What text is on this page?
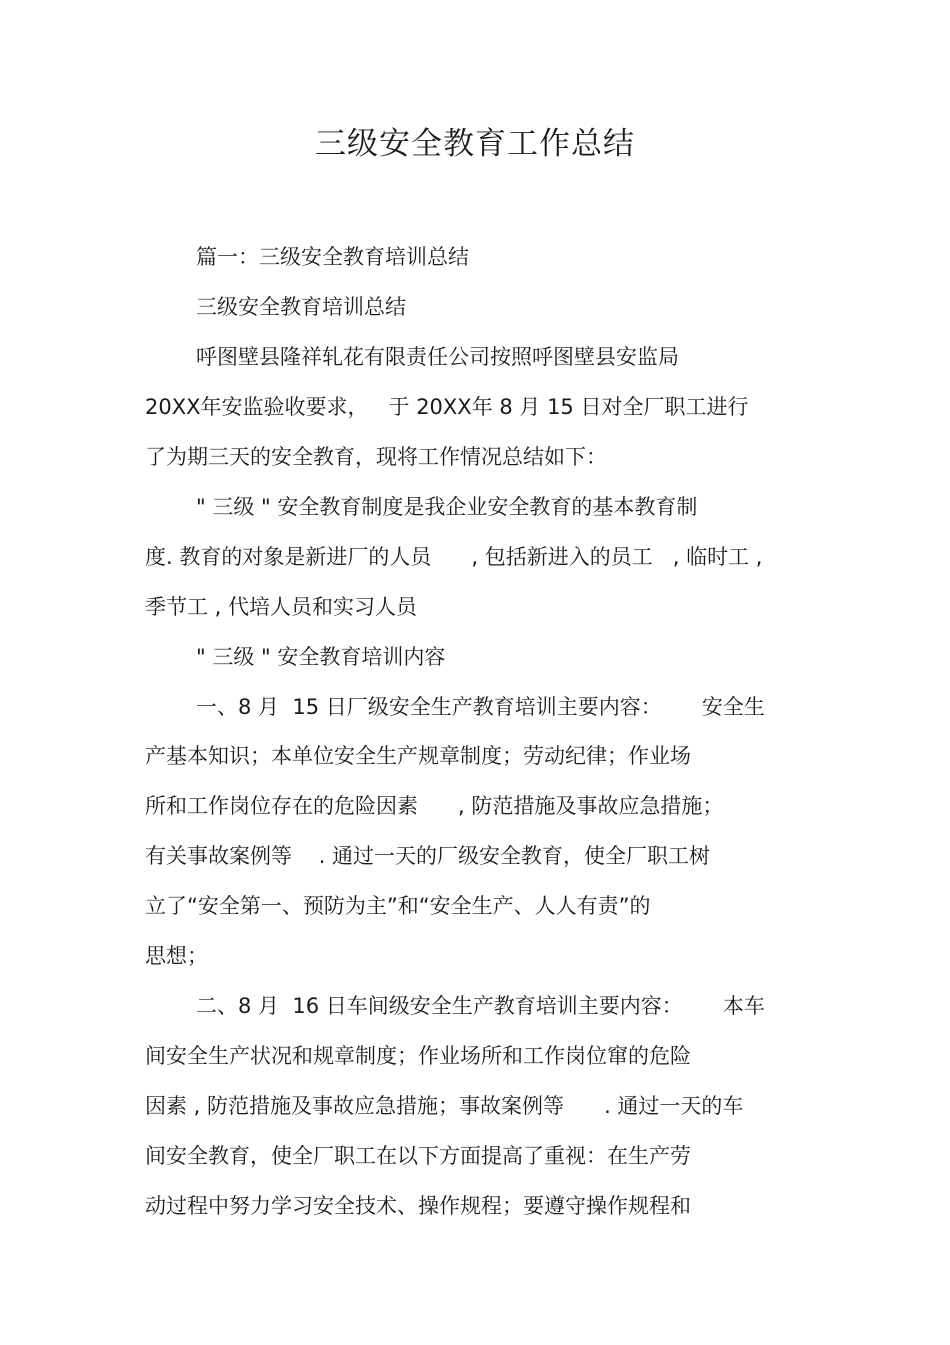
三级安全教育工作总结

篇一：三级安全教育培训总结

三级安全教育培训总结

呼图壁县隆祥轧花有限责任公司按照呼图壁县安监局

20XX年安监验收要求，   于 20XX年 8 月 15 日对全厂职工进行

了为期三天的安全教育，现将工作情况总结如下：

" 三级 " 安全教育制度是我企业安全教育的基本教育制

度. 教育的对象是新进厂的人员      , 包括新进入的员工   , 临时工 ,

季节工 , 代培人员和实习人员

" 三级 " 安全教育培训内容

一、8 月  15 日厂级安全生产教育培训主要内容：      安全生

产基本知识；本单位安全生产规章制度；劳动纪律；作业场

所和工作岗位存在的危险因素      , 防范措施及事故应急措施；

有关事故案例等    . 通过一天的厂级安全教育，使全厂职工树

立了“安全第一、预防为主”和“安全生产、人人有责”的

思想；

二、8 月  16 日车间级安全生产教育培训主要内容：      本车

间安全生产状况和规章制度；作业场所和工作岗位窜的危险

因素 , 防范措施及事故应急措施；事故案例等      . 通过一天的车

间安全教育，使全厂职工在以下方面提高了重视：在生产劳

动过程中努力学习安全技术、操作规程；要遵守操作规程和
